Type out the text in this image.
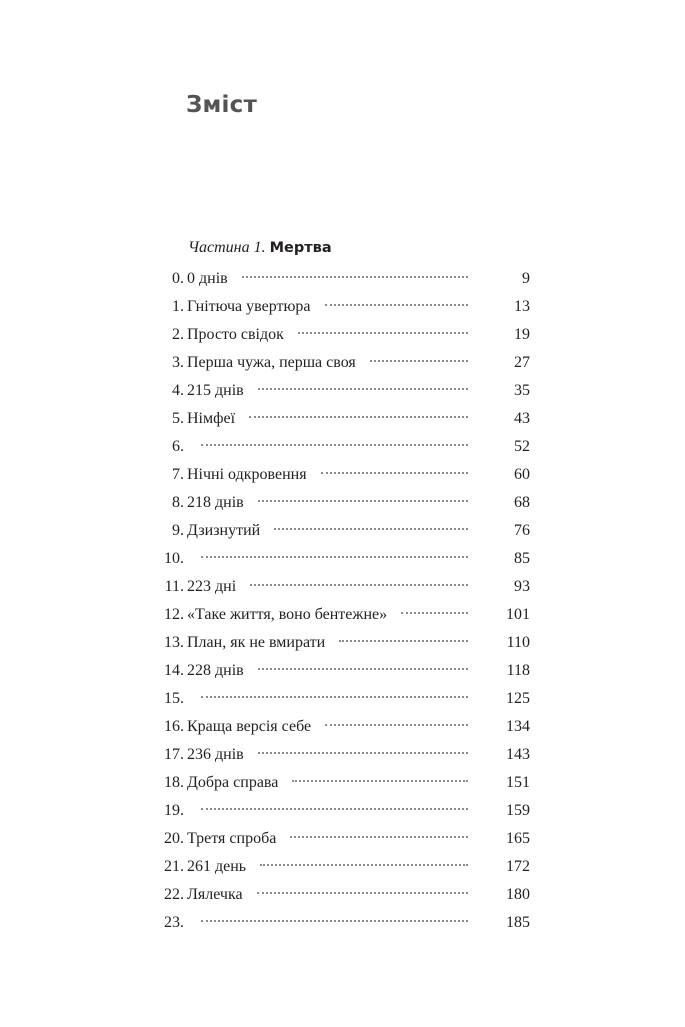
Зміст
Частина 1. Мертва
0. 0 днів	9
1. Гнітюча увертюра	13
2. Просто свідок	19
3. Перша чужа, перша своя	27
4. 215 днів	35
5. Німфеї	43
6.	52
7. Нічні одкровення	60
8. 218 днів	68
9. Дзизнутий	76
10.	85
11. 223 дні	93
12. «Таке життя, воно бентежне»	101
13. План, як не вмирати	110
14. 228 днів	118
15.	125
16. Краща версія себе	134
17. 236 днів	143
18. Добра справа	151
19.	159
20. Третя спроба	165
21. 261 день	172
22. Лялечка	180
23.	185
